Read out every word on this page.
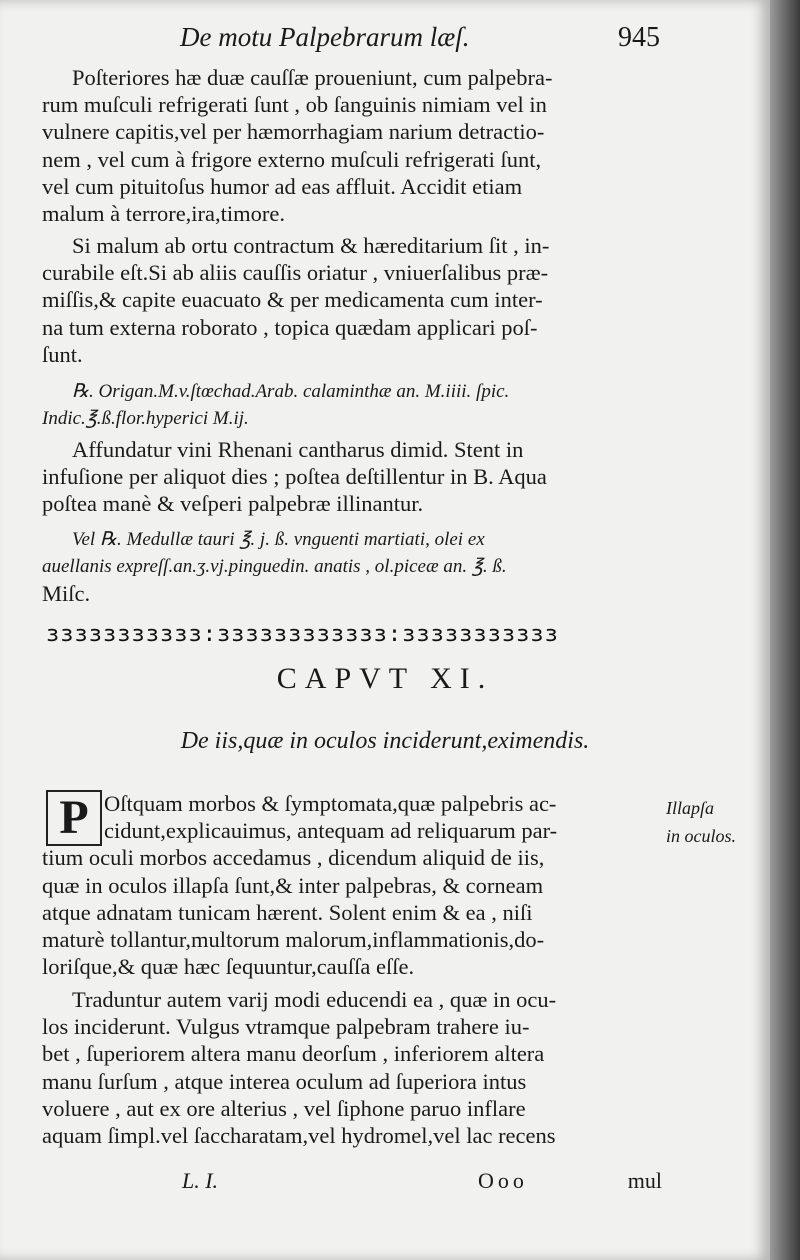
De motu Palpebrarum læſ.	945
Poſteriores hæ duæ cauſſæ proueniunt, cum palpebra-
rum muſculi refrigerati ſunt , ob ſanguinis nimiam vel in
vulnere capitis,vel per hæmorrhagiam narium detractio-
nem , vel cum à frigore externo muſculi refrigerati ſunt,
vel cum pituitoſus humor ad eas affluit. Accidit etiam
malum à terrore,ira,timore.
Si malum ab ortu contractum & hæreditarium ſit , in-
curabile eſt.Si ab aliis cauſſis oriatur , vniuerſalibus præ-
miſſis,& capite euacuato & per medicamenta cum inter-
na tum externa roborato , topica quædam applicari poſ-
ſunt.
℞. Origan.M.v.ſtœchad.Arab. calaminthæ an. M.iiii. ſpic.
Indic.℥.ß.flor.hyperici M.ij.
Affundatur vini Rhenani cantharus dimid. Stent in
infuſione per aliquot dies ; poſtea deſtillentur in B. Aqua
poſtea manè & veſperi palpebræ illinantur.
Vel ℞. Medullæ tauri ℥. j. ß. vnguenti martiati, olei ex
auellanis expreſſ.an.ʒ.vj.pinguedin. anatis , ol.piceæ an. ℥. ß.
Miſc.
ɜɜɜɜɜɜɜɜɜɜɜ:ɜɜɜɜɜɜɜɜɜɜɜɜ:ɜɜɜɜɜɜɜɜɜɜɜ
CAPVT XI.
De iis,quæ in oculos inciderunt,eximendis.
P Oſtquam morbos & ſymptomata,quæ palpebris ac-
cidunt,explicauimus, antequam ad reliquarum par-
tium oculi morbos accedamus , dicendum aliquid de iis,
quæ in oculos illapſa ſunt,& inter palpebras, & corneam
atque adnatam tunicam hærent. Solent enim & ea , niſi
maturè tollantur,multorum malorum,inflammationis,do-
loriſque,& quæ hæc ſequuntur,cauſſa eſſe.
Illapſa
in oculos.
Traduntur autem varij modi educendi ea , quæ in ocu-
los inciderunt. Vulgus vtramque palpebram trahere iu-
bet , ſuperiorem altera manu deorſum , inferiorem altera
manu ſurſum , atque interea oculum ad ſuperiora intus
voluere , aut ex ore alterius , vel ſiphone paruo inflare
aquam ſimpl.vel ſaccharatam,vel hydromel,vel lac recens
L. I.	Ooo	mul
